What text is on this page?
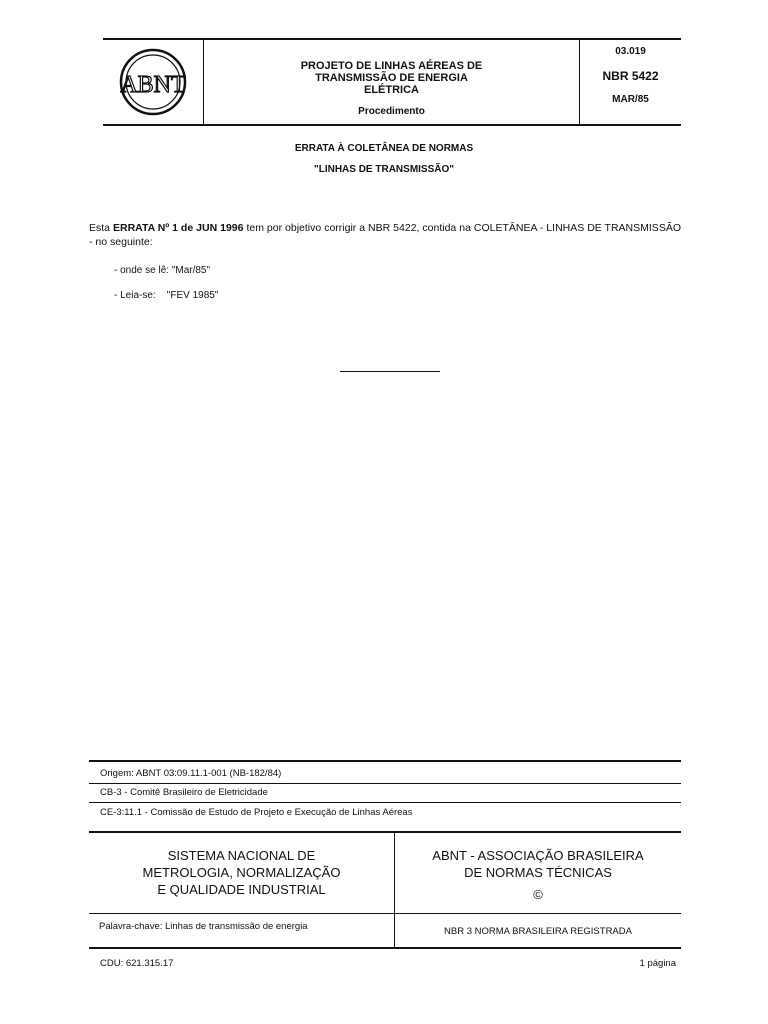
ABNT
PROJETO DE LINHAS AÉREAS DE
TRANSMISSÃO DE ENERGIA
ELÉTRICA
Procedimento
03.019
NBR 5422
MAR/85
ERRATA À COLETÂNEA DE NORMAS
"LINHAS DE TRANSMISSÃO"
Esta ERRATA Nº 1 de JUN 1996 tem por objetivo corrigir a NBR 5422, contida na COLETÂNEA - LINHAS DE TRANSMISSÃO - no seguinte:
- onde se lê: "Mar/85"
- Leia-se:    "FEV 1985"
Origem: ABNT 03:09.11.1-001 (NB-182/84)
CB-3 - Comitê Brasileiro de Eletricidade
CE-3:11.1 - Comissão de Estudo de Projeto e Execução de Linhas Aéreas
SISTEMA NACIONAL DE
METROLOGIA, NORMALIZAÇÃO
E QUALIDADE INDUSTRIAL
ABNT - ASSOCIAÇÃO BRASILEIRA
DE NORMAS TÉCNICAS
©
Palavra-chave: Linhas de transmissão de energia	NBR 3 NORMA BRASILEIRA REGISTRADA
CDU: 621.315.17	1 página
